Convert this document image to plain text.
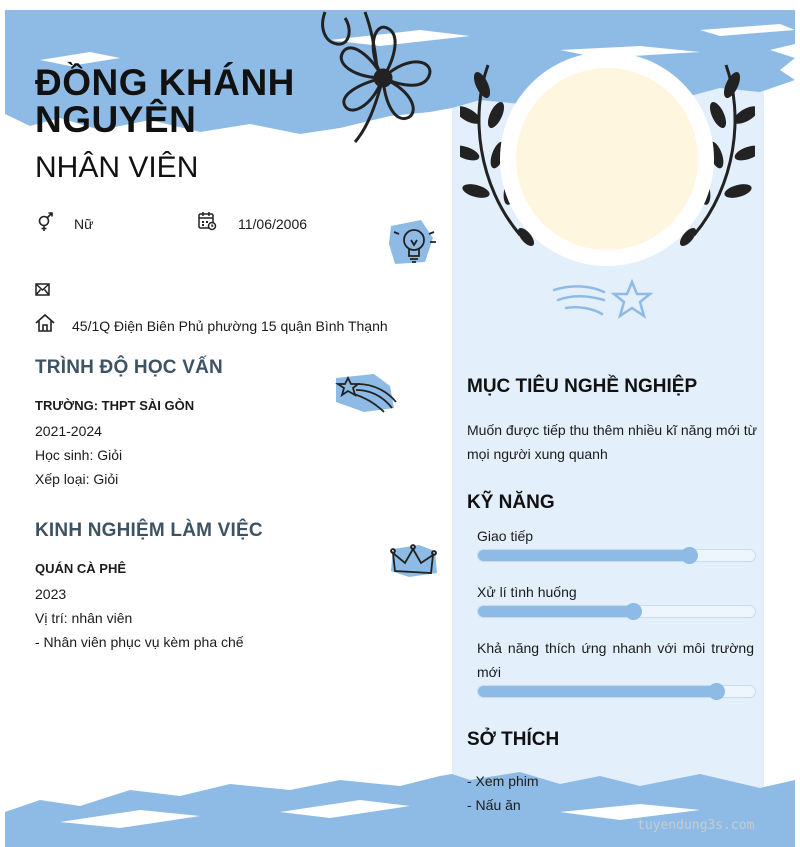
ĐỒNG KHÁNH
NGUYÊN
NHÂN VIÊN
Nữ	11/06/2006
45/1Q Điện Biên Phủ phường 15 quận Bình Thạnh
TRÌNH ĐỘ HỌC VẤN
TRƯỜNG: THPT SÀI GÒN
2021-2024
Học sinh: Giỏi
Xếp loại: Giỏi
KINH NGHIỆM LÀM VIỆC
QUÁN CÀ PHÊ
2023
Vị trí: nhân viên
- Nhân viên phục vụ kèm pha chế
MỤC TIÊU NGHỀ NGHIỆP
Muốn được tiếp thu thêm nhiều kĩ năng mới từ
mọi người xung quanh
KỸ NĂNG
Giao tiếp
Xử lí tình huống
Khả năng thích ứng nhanh với môi trường
mới
SỞ THÍCH
- Xem phim
- Nấu ăn
tuyendung3s.com
